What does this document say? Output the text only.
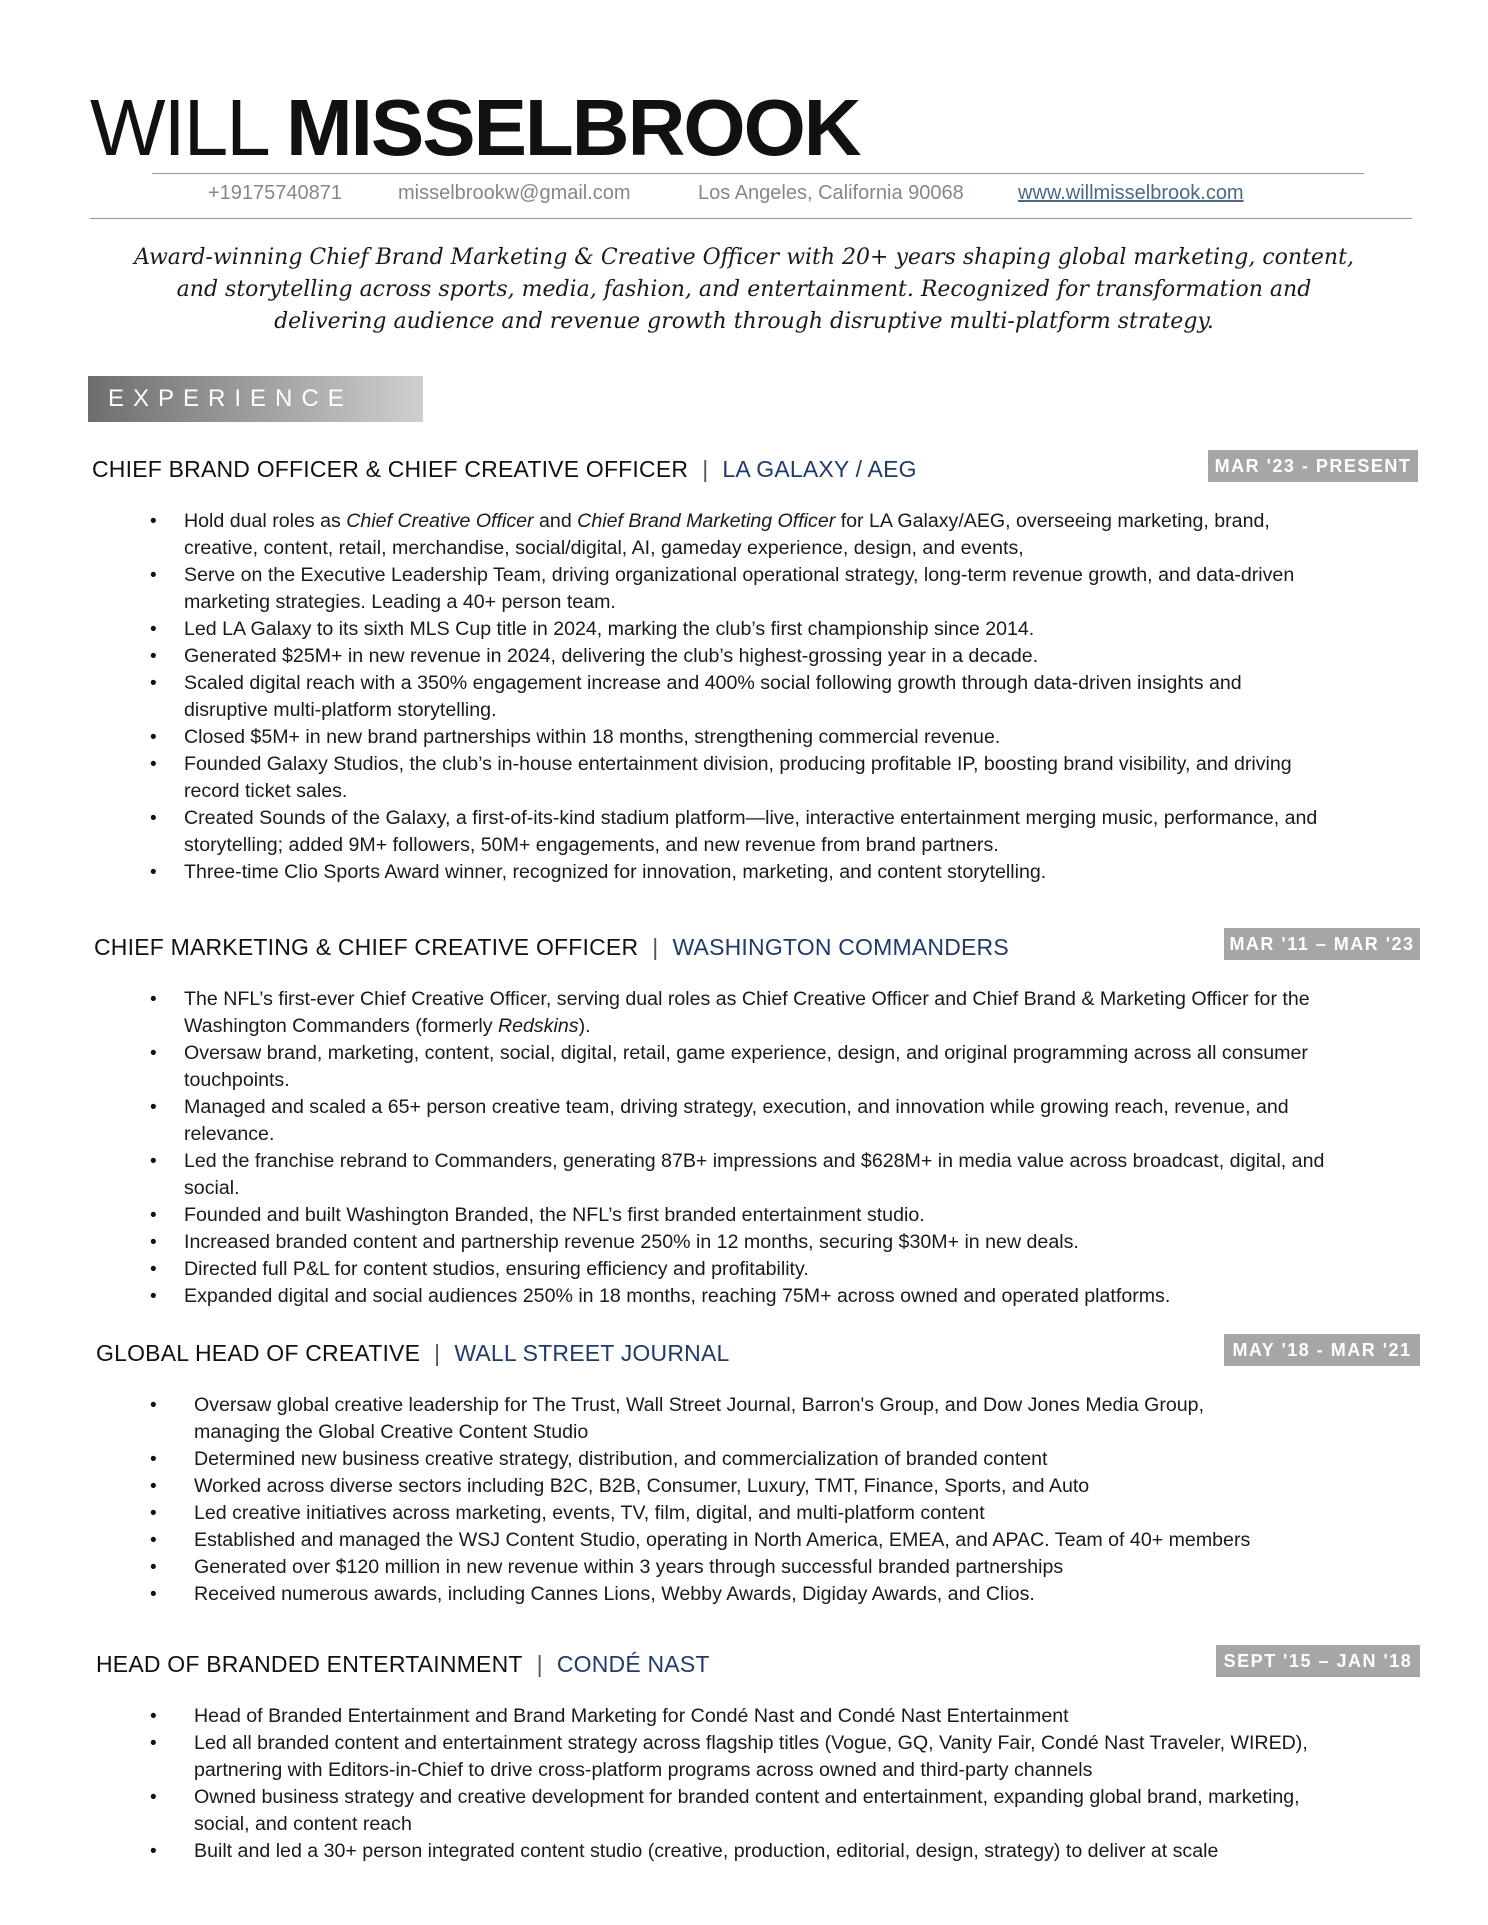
WILL MISSELBROOK
+19175740871	misselbrookw@gmail.com	Los Angeles, California 90068	www.willmisselbrook.com
Award-winning Chief Brand Marketing & Creative Officer with 20+ years shaping global marketing, content, and storytelling across sports, media, fashion, and entertainment. Recognized for transformation and delivering audience and revenue growth through disruptive multi-platform strategy.
EXPERIENCE
CHIEF BRAND OFFICER & CHIEF CREATIVE OFFICER | LA GALAXY / AEG	MAR '23 - PRESENT
• Hold dual roles as Chief Creative Officer and Chief Brand Marketing Officer for LA Galaxy/AEG, overseeing marketing, brand, creative, content, retail, merchandise, social/digital, AI, gameday experience, design, and events,
• Serve on the Executive Leadership Team, driving organizational operational strategy, long-term revenue growth, and data-driven marketing strategies. Leading a 40+ person team.
• Led LA Galaxy to its sixth MLS Cup title in 2024, marking the club’s first championship since 2014.
• Generated $25M+ in new revenue in 2024, delivering the club’s highest-grossing year in a decade.
• Scaled digital reach with a 350% engagement increase and 400% social following growth through data-driven insights and disruptive multi-platform storytelling.
• Closed $5M+ in new brand partnerships within 18 months, strengthening commercial revenue.
• Founded Galaxy Studios, the club’s in-house entertainment division, producing profitable IP, boosting brand visibility, and driving record ticket sales.
• Created Sounds of the Galaxy, a first-of-its-kind stadium platform—live, interactive entertainment merging music, performance, and storytelling; added 9M+ followers, 50M+ engagements, and new revenue from brand partners.
• Three-time Clio Sports Award winner, recognized for innovation, marketing, and content storytelling.
CHIEF MARKETING & CHIEF CREATIVE OFFICER | WASHINGTON COMMANDERS	MAR '11 – MAR '23
• The NFL’s first-ever Chief Creative Officer, serving dual roles as Chief Creative Officer and Chief Brand & Marketing Officer for the Washington Commanders (formerly Redskins).
• Oversaw brand, marketing, content, social, digital, retail, game experience, design, and original programming across all consumer touchpoints.
• Managed and scaled a 65+ person creative team, driving strategy, execution, and innovation while growing reach, revenue, and relevance.
• Led the franchise rebrand to Commanders, generating 87B+ impressions and $628M+ in media value across broadcast, digital, and social.
• Founded and built Washington Branded, the NFL’s first branded entertainment studio.
• Increased branded content and partnership revenue 250% in 12 months, securing $30M+ in new deals.
• Directed full P&L for content studios, ensuring efficiency and profitability.
• Expanded digital and social audiences 250% in 18 months, reaching 75M+ across owned and operated platforms.
GLOBAL HEAD OF CREATIVE | WALL STREET JOURNAL	MAY '18 - MAR '21
• Oversaw global creative leadership for The Trust, Wall Street Journal, Barron's Group, and Dow Jones Media Group, managing the Global Creative Content Studio
• Determined new business creative strategy, distribution, and commercialization of branded content
• Worked across diverse sectors including B2C, B2B, Consumer, Luxury, TMT, Finance, Sports, and Auto
• Led creative initiatives across marketing, events, TV, film, digital, and multi-platform content
• Established and managed the WSJ Content Studio, operating in North America, EMEA, and APAC. Team of 40+ members
• Generated over $120 million in new revenue within 3 years through successful branded partnerships
• Received numerous awards, including Cannes Lions, Webby Awards, Digiday Awards, and Clios.
HEAD OF BRANDED ENTERTAINMENT | CONDÉ NAST	SEPT '15 – JAN '18
• Head of Branded Entertainment and Brand Marketing for Condé Nast and Condé Nast Entertainment
• Led all branded content and entertainment strategy across flagship titles (Vogue, GQ, Vanity Fair, Condé Nast Traveler, WIRED), partnering with Editors-in-Chief to drive cross-platform programs across owned and third-party channels
• Owned business strategy and creative development for branded content and entertainment, expanding global brand, marketing, social, and content reach
• Built and led a 30+ person integrated content studio (creative, production, editorial, design, strategy) to deliver at scale
